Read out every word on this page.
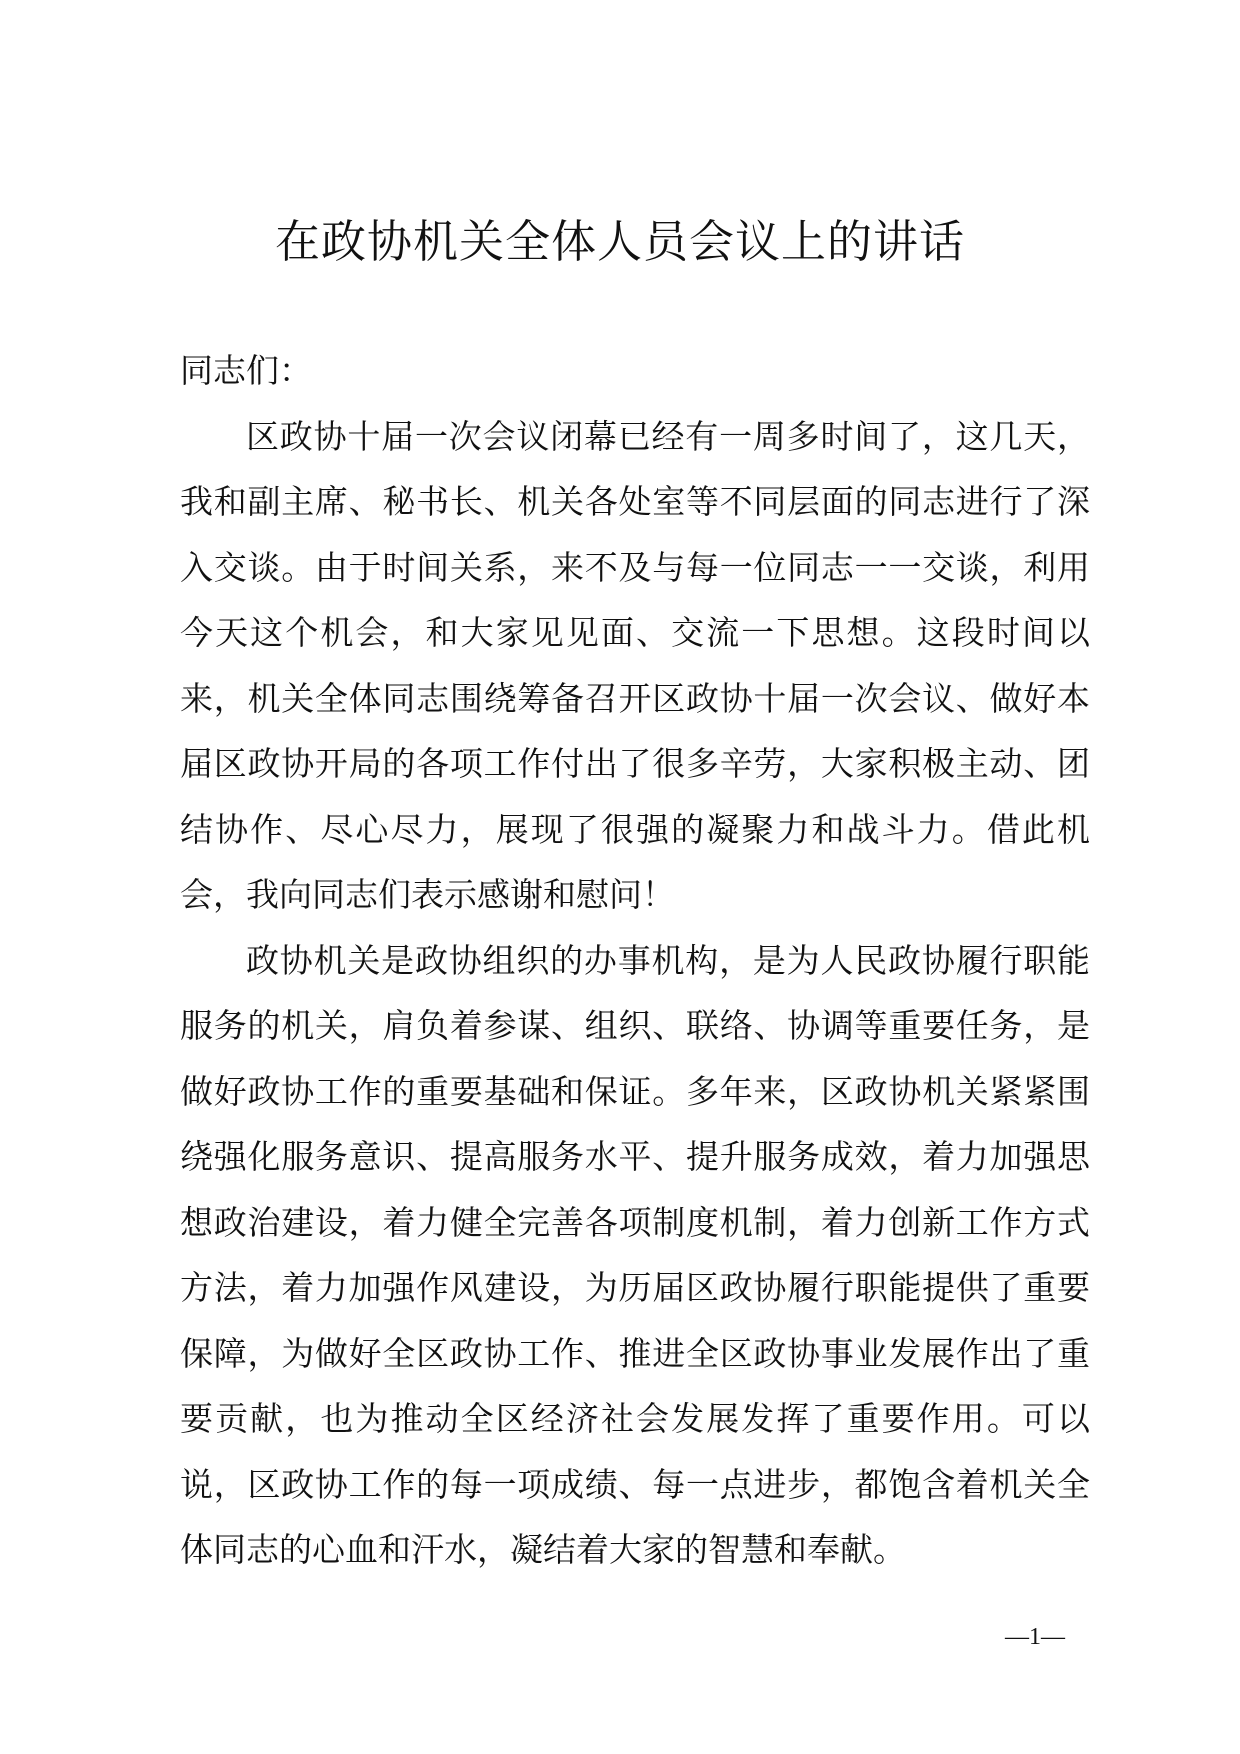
在政协机关全体人员会议上的讲话

同志们：

区政协十届一次会议闭幕已经有一周多时间了，这几天，我和副主席、秘书长、机关各处室等不同层面的同志进行了深入交谈。由于时间关系，来不及与每一位同志一一交谈，利用今天这个机会，和大家见见面、交流一下思想。这段时间以来，机关全体同志围绕筹备召开区政协十届一次会议、做好本届区政协开局的各项工作付出了很多辛劳，大家积极主动、团结协作、尽心尽力，展现了很强的凝聚力和战斗力。借此机会，我向同志们表示感谢和慰问！

政协机关是政协组织的办事机构，是为人民政协履行职能服务的机关，肩负着参谋、组织、联络、协调等重要任务，是做好政协工作的重要基础和保证。多年来，区政协机关紧紧围绕强化服务意识、提高服务水平、提升服务成效，着力加强思想政治建设，着力健全完善各项制度机制，着力创新工作方式方法，着力加强作风建设，为历届区政协履行职能提供了重要保障，为做好全区政协工作、推进全区政协事业发展作出了重要贡献，也为推动全区经济社会发展发挥了重要作用。可以说，区政协工作的每一项成绩、每一点进步，都饱含着机关全体同志的心血和汗水，凝结着大家的智慧和奉献。

—1—
